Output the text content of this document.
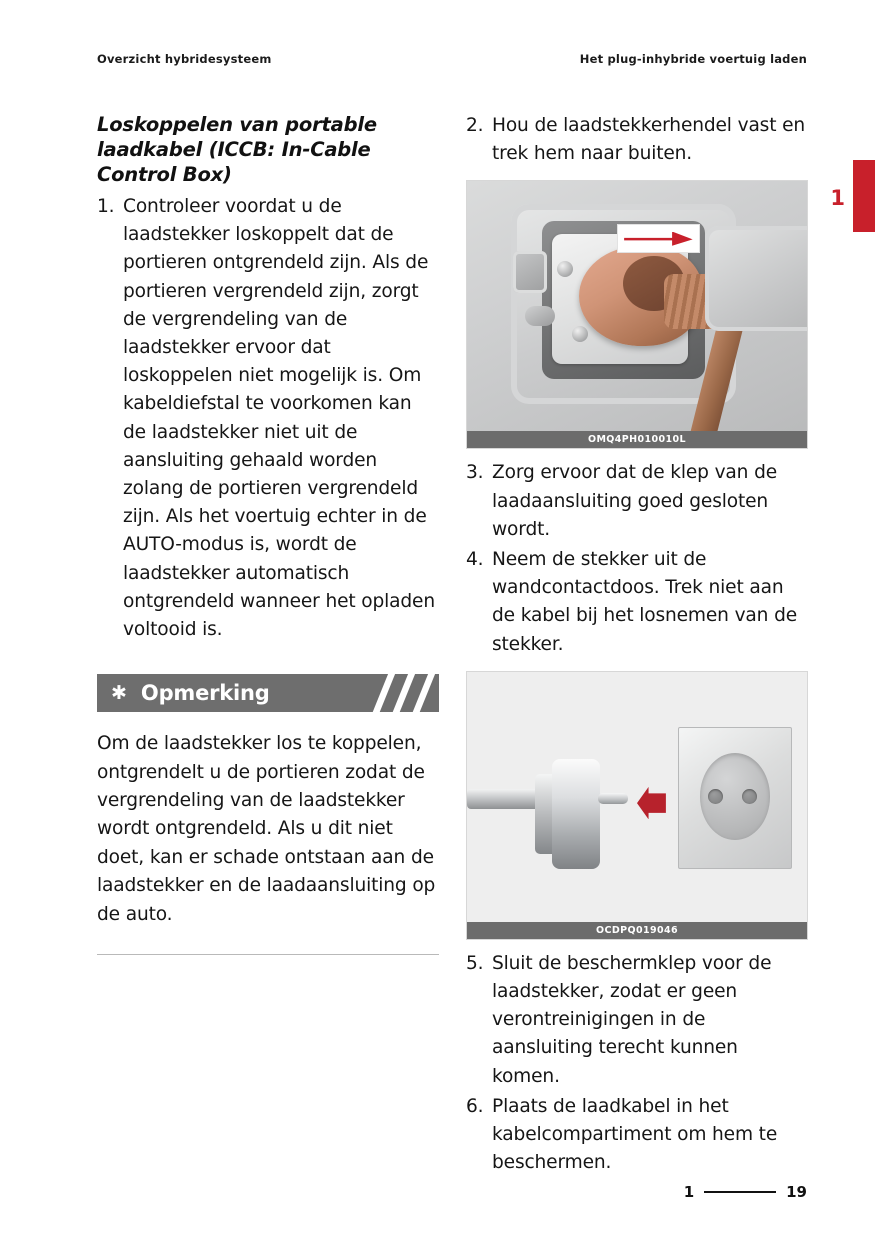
Overzicht hybridesysteem	Het plug-inhybride voertuig laden
1
Loskoppelen van portable laadkabel (ICCB: In-Cable Control Box)
1. Controleer voordat u de laadstekker loskoppelt dat de portieren ontgrendeld zijn. Als de portieren vergrendeld zijn, zorgt de vergrendeling van de laadstekker ervoor dat loskoppelen niet mogelijk is. Om kabeldiefstal te voorkomen kan de laadstekker niet uit de aansluiting gehaald worden zolang de portieren vergrendeld zijn. Als het voertuig echter in de AUTO-modus is, wordt de laadstekker automatisch ontgrendeld wanneer het opladen voltooid is.
✱ Opmerking

Om de laadstekker los te koppelen, ontgrendelt u de portieren zodat de vergrendeling van de laadstekker wordt ontgrendeld. Als u dit niet doet, kan er schade ontstaan aan de laadstekker en de laadaansluiting op de auto.

2. Hou de laadstekkerhendel vast en trek hem naar buiten.
OMQ4PH010010L
3. Zorg ervoor dat de klep van de laadaansluiting goed gesloten wordt.
4. Neem de stekker uit de wandcontactdoos. Trek niet aan de kabel bij het losnemen van de stekker.
OCDPQ019046
5. Sluit de beschermklep voor de laadstekker, zodat er geen verontreinigingen in de aansluiting terecht kunnen komen.
6. Plaats de laadkabel in het kabelcompartiment om hem te beschermen.
1	19
